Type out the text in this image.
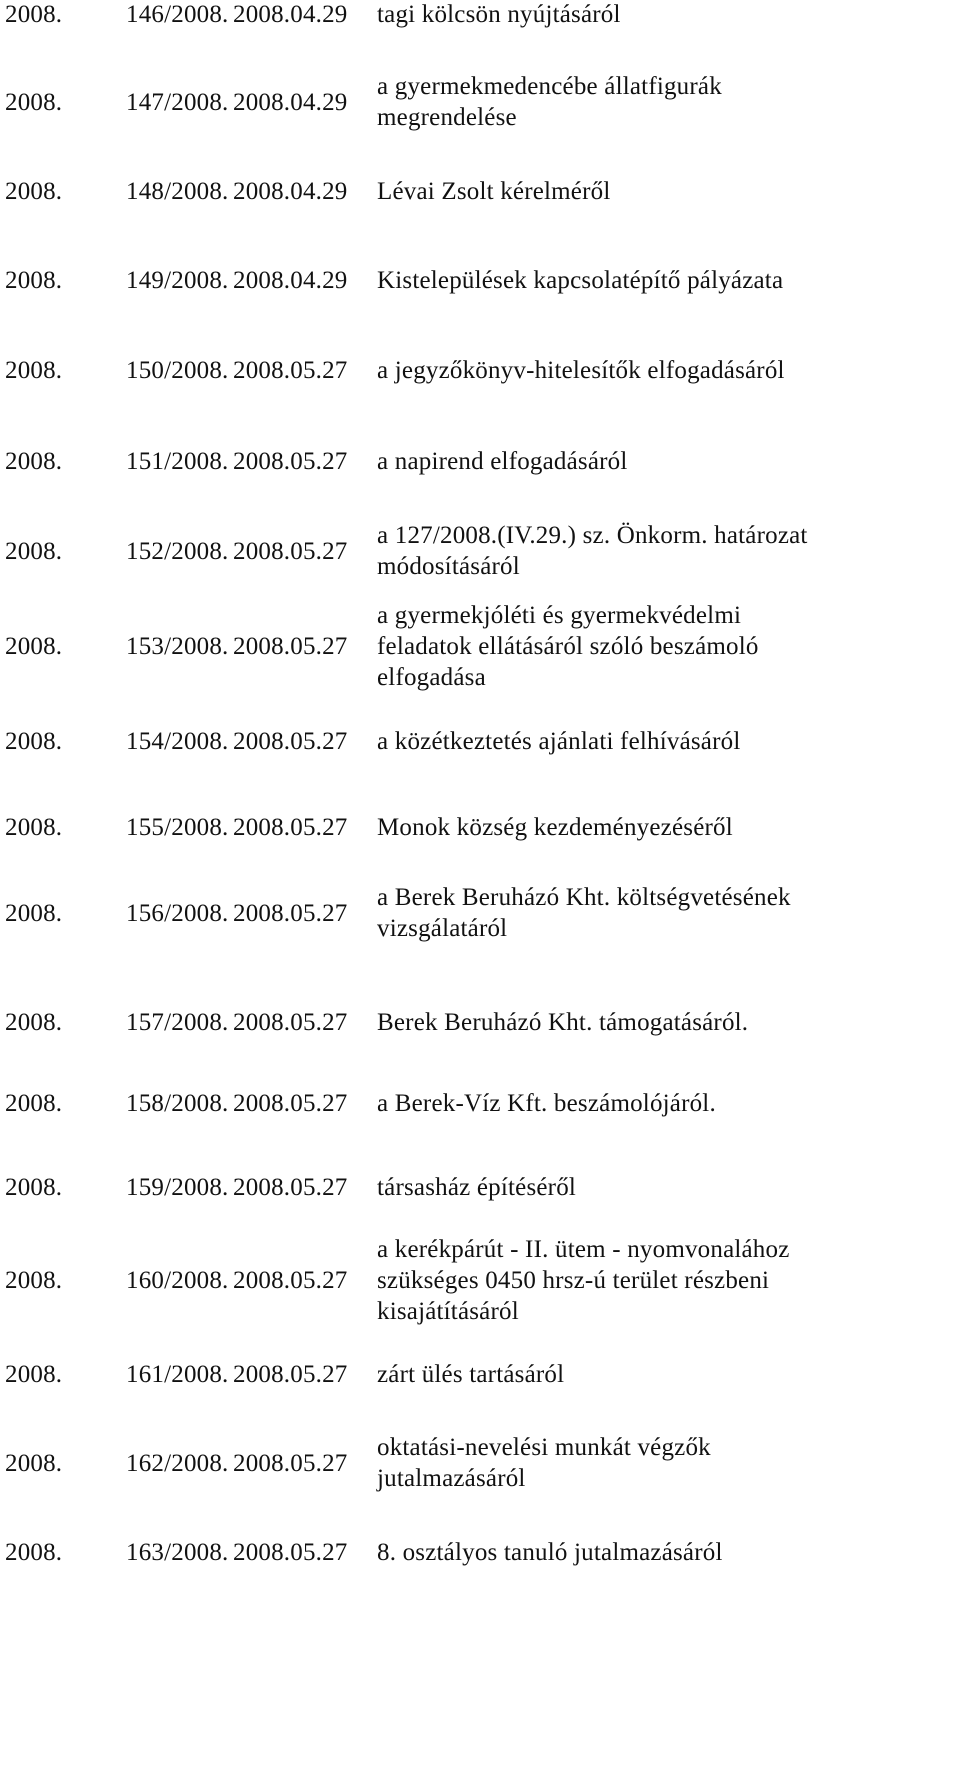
2008.	146/2008. 2008.04.29 tagi kölcsön nyújtásáról
2008.	147/2008. 2008.04.29
a gyermekmedencébe állatfigurák
megrendelése
2008.	148/2008. 2008.04.29 Lévai Zsolt kérelméről
2008.	149/2008. 2008.04.29 Kistelepülések kapcsolatépítő pályázata
2008.	150/2008. 2008.05.27 a jegyzőkönyv-hitelesítők elfogadásáról
2008.	151/2008. 2008.05.27 a napirend elfogadásáról
2008.	152/2008. 2008.05.27
a 127/2008.(IV.29.) sz. Önkorm. határozat
módosításáról
2008.	153/2008. 2008.05.27
a gyermekjóléti és gyermekvédelmi
feladatok ellátásáról szóló beszámoló
elfogadása
2008.	154/2008. 2008.05.27 a közétkeztetés ajánlati felhívásáról
2008.	155/2008. 2008.05.27 Monok község kezdeményezéséről
2008.	156/2008. 2008.05.27
a Berek Beruházó Kht. költségvetésének
vizsgálatáról
2008.	157/2008. 2008.05.27 Berek Beruházó Kht. támogatásáról.
2008.	158/2008. 2008.05.27 a Berek-Víz Kft. beszámolójáról.
2008.	159/2008. 2008.05.27 társasház építéséről
2008.	160/2008. 2008.05.27
a kerékpárút - II. ütem - nyomvonalához
szükséges 0450 hrsz-ú terület részbeni
kisajátításáról
2008.	161/2008. 2008.05.27 zárt ülés tartásáról
2008.	162/2008. 2008.05.27
oktatási-nevelési munkát végzők
jutalmazásáról
2008.	163/2008. 2008.05.27 8. osztályos tanuló jutalmazásáról
